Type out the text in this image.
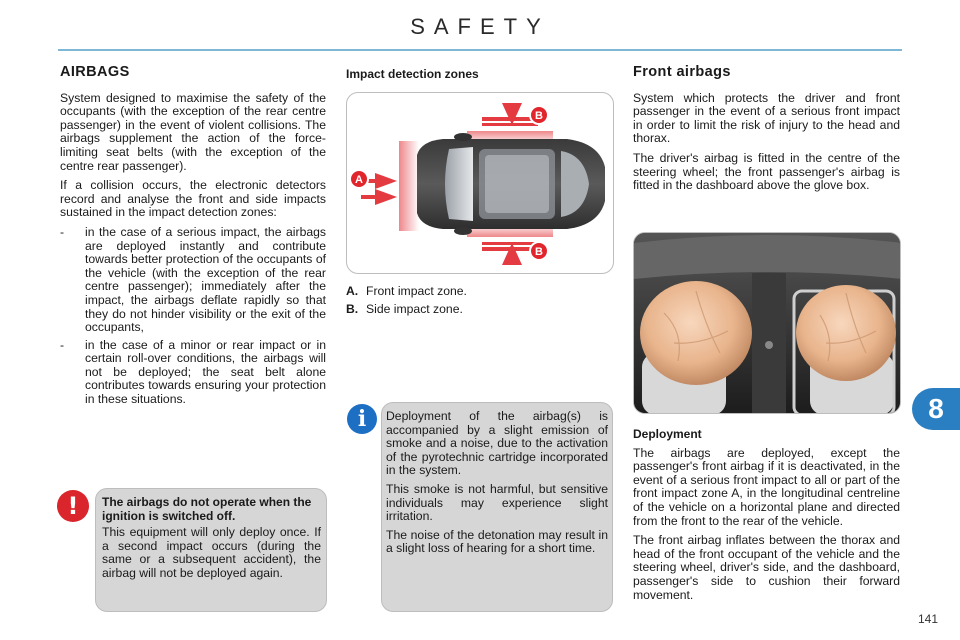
SAFETY
AIRBAGS

System designed to maximise the safety of the occupants (with the exception of the rear centre passenger) in the event of violent collisions. The airbags supplement the action of the force-limiting seat belts (with the exception of the centre rear passenger).

If a collision occurs, the electronic detectors record and analyse the front and side impacts sustained in the impact detection zones:

- in the case of a serious impact, the airbags are deployed instantly and contribute towards better protection of the occupants of the vehicle (with the exception of the rear centre passenger); immediately after the impact, the airbags deflate rapidly so that they do not hinder visibility or the exit of the occupants,
- in the case of a minor or rear impact or in certain roll-over conditions, the airbags will not be deployed; the seat belt alone contributes towards ensuring your protection in these situations.
!	The airbags do not operate when the ignition is switched off.

This equipment will only deploy once. If a second impact occurs (during the same or a subsequent accident), the airbag will not be deployed again.

Impact detection zones
A
B
B
A. Front impact zone.
B. Side impact zone.
i	Deployment of the airbag(s) is accompanied by a slight emission of smoke and a noise, due to the activation of the pyrotechnic cartridge incorporated in the system.

This smoke is not harmful, but sensitive individuals may experience slight irritation.

The noise of the detonation may result in a slight loss of hearing for a short time.

Front airbags

System which protects the driver and front passenger in the event of a serious front impact in order to limit the risk of injury to the head and thorax.

The driver's airbag is fitted in the centre of the steering wheel; the front passenger's airbag is fitted in the dashboard above the glove box.

Deployment

The airbags are deployed, except the passenger's front airbag if it is deactivated, in the event of a serious front impact to all or part of the front impact zone A, in the longitudinal centreline of the vehicle on a horizontal plane and directed from the front to the rear of the vehicle.

The front airbag inflates between the thorax and head of the front occupant of the vehicle and the steering wheel, driver's side, and the dashboard, passenger's side to cushion their forward movement.

8
141
